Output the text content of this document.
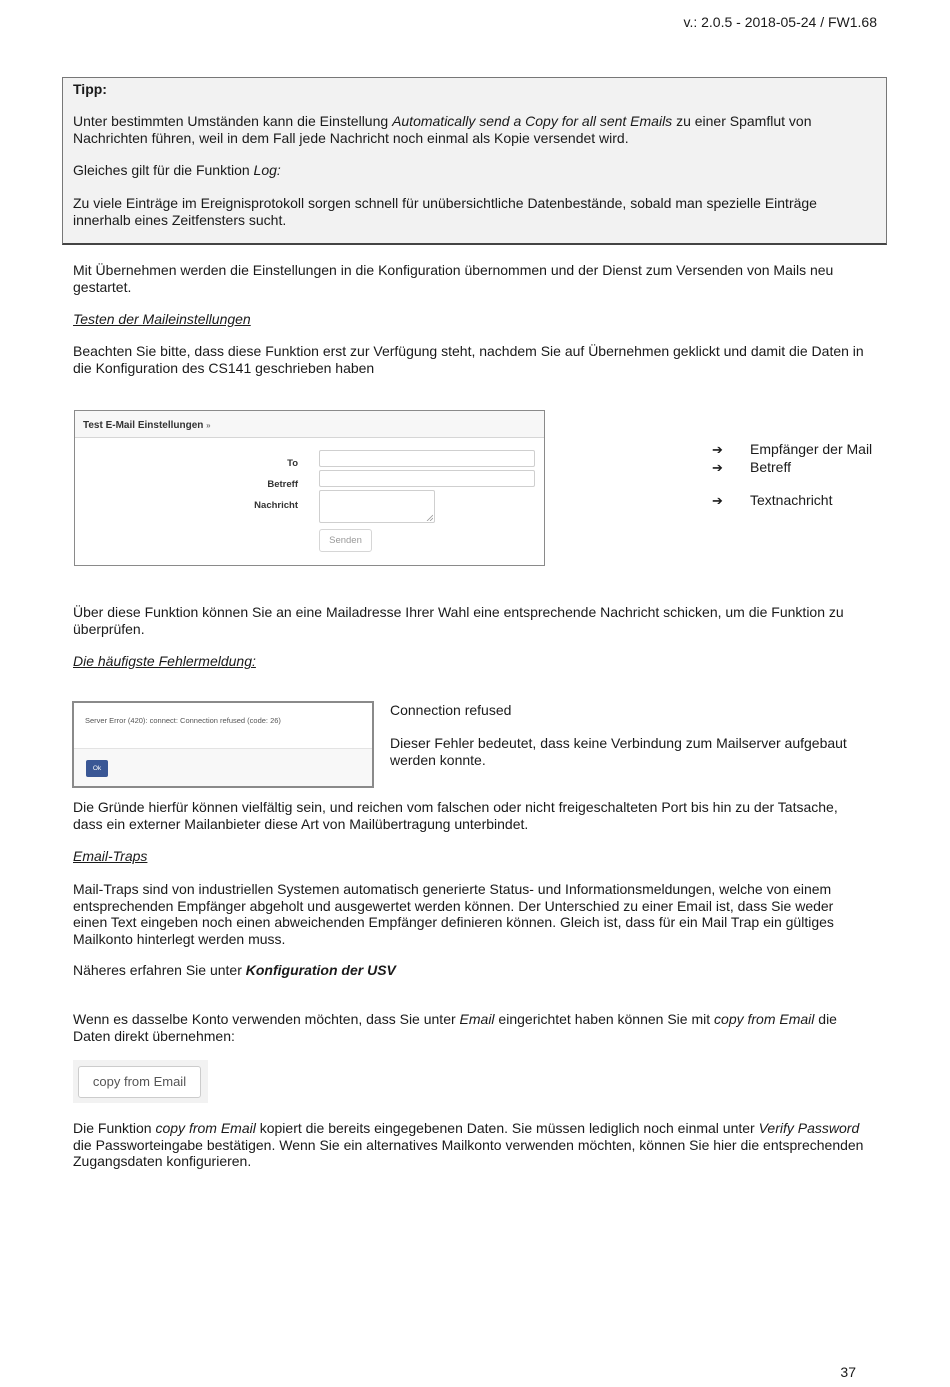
v.: 2.0.5 - 2018-05-24 / FW1.68
Tipp:
Unter bestimmten Umständen kann die Einstellung Automatically send a Copy for all sent Emails zu einer Spamflut von
Nachrichten führen, weil in dem Fall jede Nachricht noch einmal als Kopie versendet wird.
Gleiches gilt für die Funktion Log:
Zu viele Einträge im Ereignisprotokoll sorgen schnell für unübersichtliche Datenbestände, sobald man spezielle Einträge
innerhalb eines Zeitfensters sucht.
Mit Übernehmen werden die Einstellungen in die Konfiguration übernommen und der Dienst zum Versenden von Mails neu
gestartet.
Testen der Maileinstellungen
Beachten Sie bitte, dass diese Funktion erst zur Verfügung steht, nachdem Sie auf Übernehmen geklickt und damit die Daten in
die Konfiguration des CS141 geschrieben haben
Test E-Mail Einstellungen »
To
Betreff
Nachricht
Senden
➔ Empfänger der Mail
➔ Betreff
➔ Textnachricht
Über diese Funktion können Sie an eine Mailadresse Ihrer Wahl eine entsprechende Nachricht schicken, um die Funktion zu
überprüfen.
Die häufigste Fehlermeldung:
Server Error (420): connect: Connection refused (code: 26)
Ok
Connection refused
Dieser Fehler bedeutet, dass keine Verbindung zum Mailserver aufgebaut
werden konnte.
Die Gründe hierfür können vielfältig sein, und reichen vom falschen oder nicht freigeschalteten Port bis hin zu der Tatsache,
dass ein externer Mailanbieter diese Art von Mailübertragung unterbindet.
Email-Traps
Mail-Traps sind von industriellen Systemen automatisch generierte Status- und Informationsmeldungen, welche von einem
entsprechenden Empfänger abgeholt und ausgewertet werden können. Der Unterschied zu einer Email ist, dass Sie weder
einen Text eingeben noch einen abweichenden Empfänger definieren können. Gleich ist, dass für ein Mail Trap ein gültiges
Mailkonto hinterlegt werden muss.
Näheres erfahren Sie unter Konfiguration der USV
Wenn es dasselbe Konto verwenden möchten, dass Sie unter Email eingerichtet haben können Sie mit copy from Email die
Daten direkt übernehmen:
copy from Email
Die Funktion copy from Email kopiert die bereits eingegebenen Daten. Sie müssen lediglich noch einmal unter Verify Password
die Passworteingabe bestätigen. Wenn Sie ein alternatives Mailkonto verwenden möchten, können Sie hier die entsprechenden
Zugangsdaten konfigurieren.
37
